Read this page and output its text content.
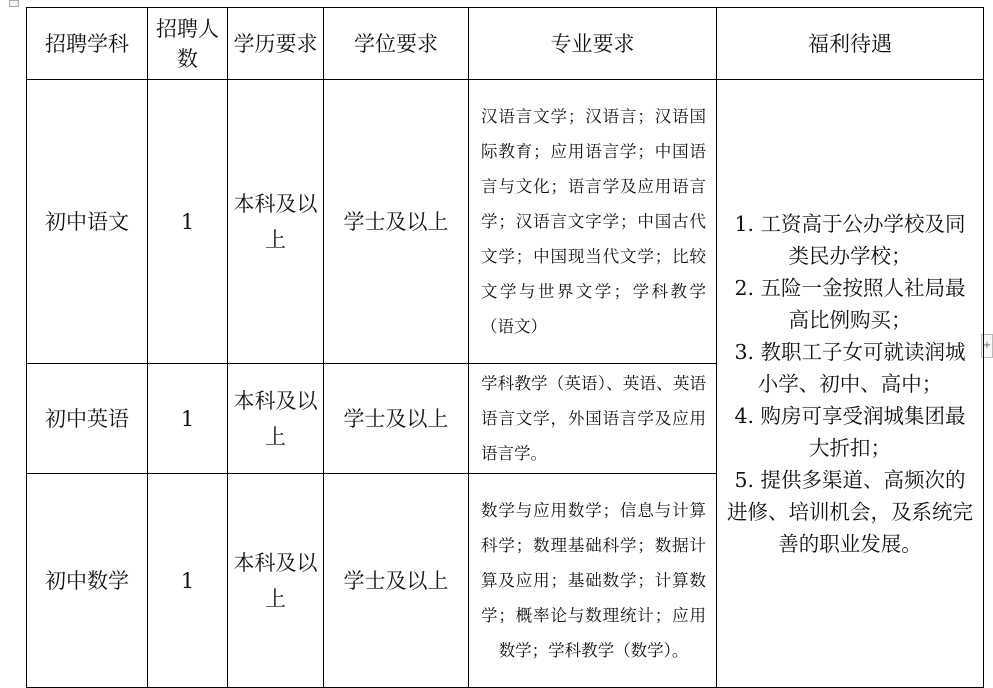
+
招聘学科	招聘人数	学历要求	学位要求	专业要求	福利待遇
初中语文	1	本科及以上	学士及以上	汉语言文学；汉语言；汉语国际教育；应用语言学；中国语言与文化；语言学及应用语言学；汉语言文字学；中国古代文学；中国现当代文学；比较文学与世界文学；学科教学（语文）	1. 工资高于公办学校及同类民办学校；
2. 五险一金按照人社局最高比例购买；
3. 教职工子女可就读润城小学、初中、高中；
4. 购房可享受润城集团最大折扣；
5. 提供多渠道、高频次的进修、培训机会，及系统完善的职业发展。

初中英语	1	本科及以上	学士及以上	学科教学（英语）、英语、英语语言文学，外国语言学及应用语言学。	
初中数学	1	本科及以上	学士及以上	数学与应用数学；信息与计算科学；数理基础科学；数据计算及应用；基础数学；计算数学；概率论与数理统计；应用数学；学科教学（数学）。	
